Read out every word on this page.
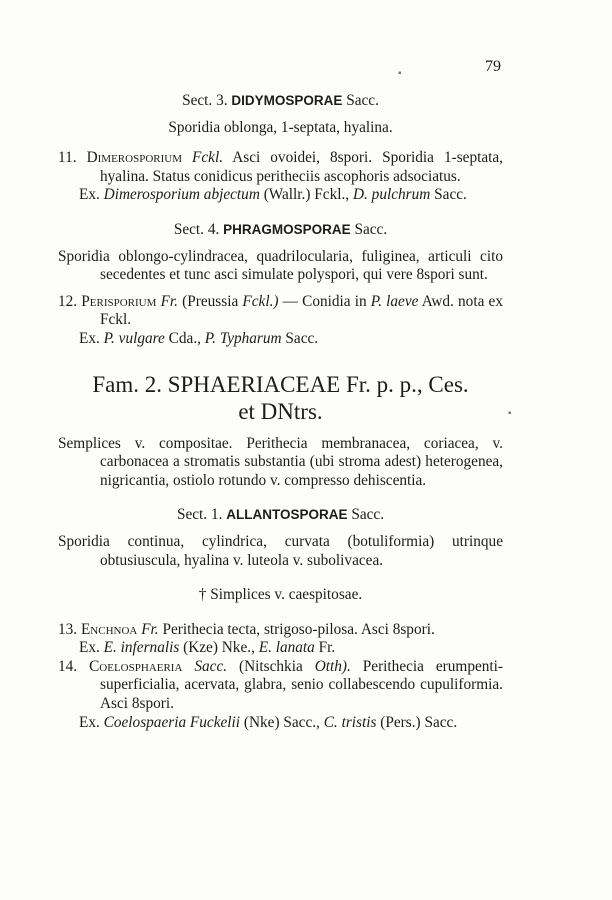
79
▪
▪

Sect. 3. DIDYMOSPORAE Sacc.

Sporidia oblonga, 1-septata, hyalina.

11. Dimerosporium Fckl. Asci ovoidei, 8spori. Sporidia 1-septata, hyalina. Status conidicus peritheciis ascophoris adsociatus.

Ex. Dimerosporium abjectum (Wallr.) Fckl., D. pulchrum Sacc.

Sect. 4. PHRAGMOSPORAE Sacc.

Sporidia oblongo-cylindracea, quadrilocularia, fuliginea, articuli cito secedentes et tunc asci simulate polyspori, qui vere 8spori sunt.

12. Perisporium Fr. (Preussia Fckl.) — Conidia in P. laeve Awd. nota ex Fckl.

Ex. P. vulgare Cda., P. Typharum Sacc.

Fam. 2. SPHAERIACEAE Fr. p. p., Ces.

et DNtrs.

Semplices v. compositae. Perithecia membranacea, coriacea, v. carbonacea a stromatis substantia (ubi stroma adest) heterogenea, nigricantia, ostiolo rotundo v. compresso dehiscentia.

Sect. 1. ALLANTOSPORAE Sacc.

Sporidia continua, cylindrica, curvata (botuliformia) utrinque obtusiuscula, hyalina v. luteola v. subolivacea.

† Simplices v. caespitosae.

13. Enchnoa Fr. Perithecia tecta, strigoso-pilosa. Asci 8spori.

Ex. E. infernalis (Kze) Nke., E. lanata Fr.

14. Coelosphaeria Sacc. (Nitschkia Otth). Perithecia erumpenti-superficialia, acervata, glabra, senio collabescendo cupuliformia. Asci 8spori.

Ex. Coelospaeria Fuckelii (Nke) Sacc., C. tristis (Pers.) Sacc.
